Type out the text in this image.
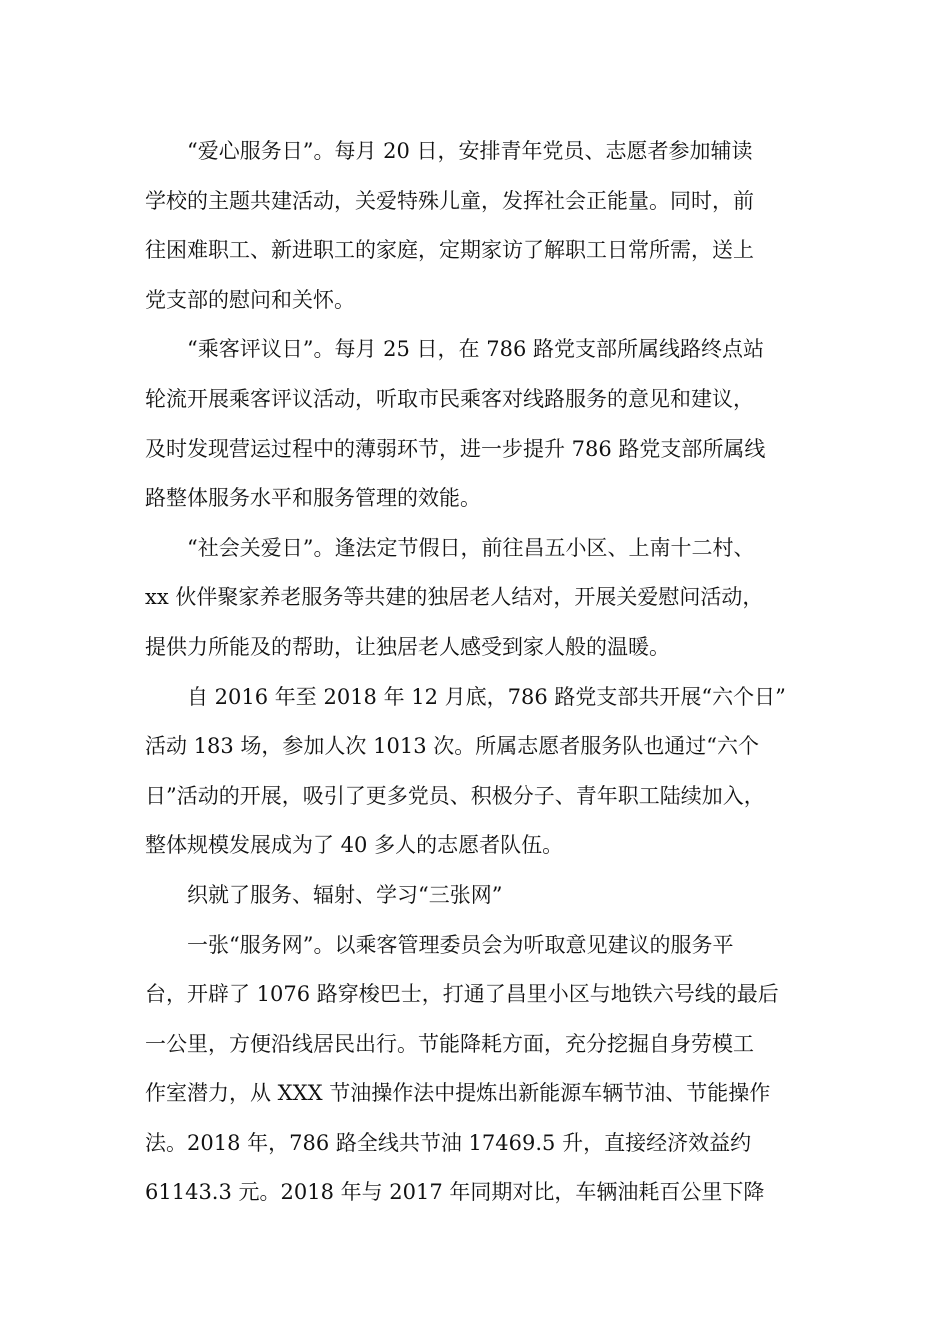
“爱心服务日”。每月 20 日，安排青年党员、志愿者参加辅读
学校的主题共建活动，关爱特殊儿童，发挥社会正能量。同时，前
往困难职工、新进职工的家庭，定期家访了解职工日常所需，送上
党支部的慰问和关怀。
“乘客评议日”。每月 25 日，在 786 路党支部所属线路终点站
轮流开展乘客评议活动，听取市民乘客对线路服务的意见和建议，
及时发现营运过程中的薄弱环节，进一步提升 786 路党支部所属线
路整体服务水平和服务管理的效能。
“社会关爱日”。逢法定节假日，前往昌五小区、上南十二村、
xx 伙伴聚家养老服务等共建的独居老人结对，开展关爱慰问活动，
提供力所能及的帮助，让独居老人感受到家人般的温暖。
自 2016 年至 2018 年 12 月底，786 路党支部共开展“六个日”
活动 183 场，参加人次 1013 次。所属志愿者服务队也通过“六个
日”活动的开展，吸引了更多党员、积极分子、青年职工陆续加入，
整体规模发展成为了 40 多人的志愿者队伍。
织就了服务、辐射、学习“三张网”
一张“服务网”。以乘客管理委员会为听取意见建议的服务平
台，开辟了 1076 路穿梭巴士，打通了昌里小区与地铁六号线的最后
一公里，方便沿线居民出行。节能降耗方面，充分挖掘自身劳模工
作室潜力，从 XXX 节油操作法中提炼出新能源车辆节油、节能操作
法。2018 年，786 路全线共节油 17469.5 升，直接经济效益约
61143.3 元。2018 年与 2017 年同期对比，车辆油耗百公里下降
